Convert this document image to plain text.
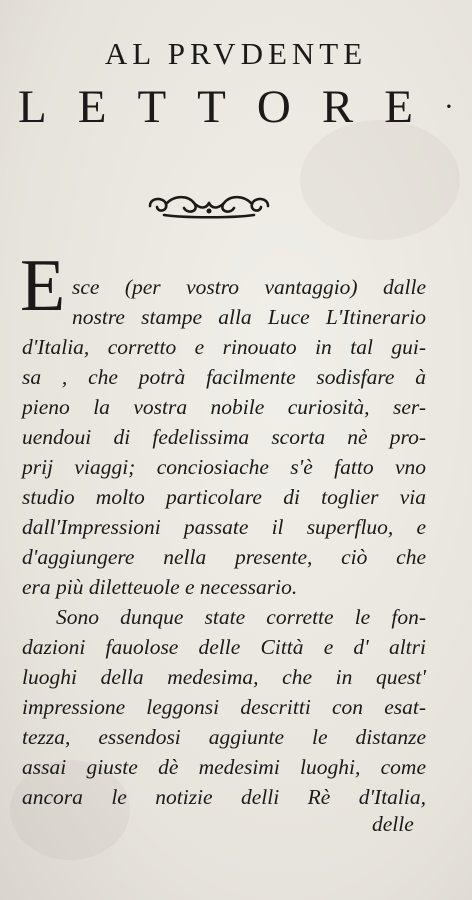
AL PRVDENTE
L E T T O R E ·
E sce (per vostro vantaggio) dalle
nostre stampe alla Luce L'Itinerario
d'Italia, corretto e rinouato in tal gui-
sa , che potrà facilmente sodisfare à
pieno la vostra nobile curiosità, ser-
uendoui di fedelissima scorta nè pro-
prij viaggi; conciosiache s'è fatto vno
studio molto particolare di toglier via
dall'Impressioni passate il superfluo, e
d'aggiungere nella presente, ciò che
era più diletteuole e necessario.
Sono dunque state corrette le fon-
dazioni fauolose delle Città e d' altri
luoghi della medesima, che in quest'
impressione leggonsi descritti con esat-
tezza, essendosi aggiunte le distanze
assai giuste dè medesimi luoghi, come
ancora le notizie delli Rè d'Italia,
delle
